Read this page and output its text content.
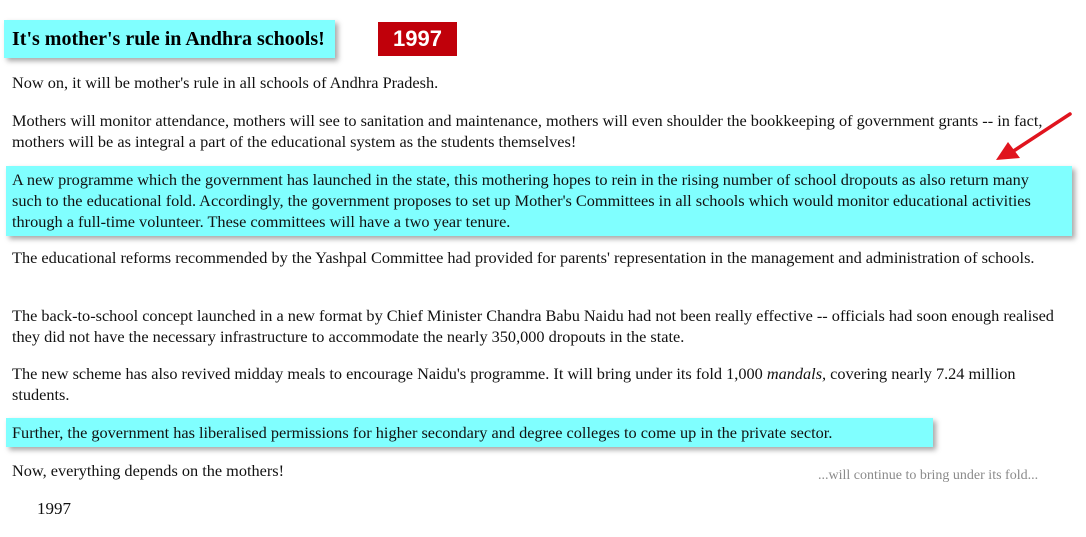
It's mother's rule in Andhra schools!	1997

Now on, it will be mother's rule in all schools of Andhra Pradesh.

Mothers will monitor attendance, mothers will see to sanitation and maintenance, mothers will even shoulder the bookkeeping of government grants -- in fact, mothers will be as integral a part of the educational system as the students themselves!

A new programme which the government has launched in the state, this mothering hopes to rein in the rising number of school dropouts as also return many such to the educational fold. Accordingly, the government proposes to set up Mother's Committees in all schools which would monitor educational activities through a full-time volunteer. These committees will have a two year tenure.

The educational reforms recommended by the Yashpal Committee had provided for parents' representation in the management and administration of schools.

The back-to-school concept launched in a new format by Chief Minister Chandra Babu Naidu had not been really effective -- officials had soon enough realised they did not have the necessary infrastructure to accommodate the nearly 350,000 dropouts in the state.

The new scheme has also revived midday meals to encourage Naidu's programme. It will bring under its fold 1,000 mandals, covering nearly 7.24 million students.

Further, the government has liberalised permissions for higher secondary and degree colleges to come up in the private sector.

Now, everything depends on the mothers!	...will continue to bring under its fold...
1997
